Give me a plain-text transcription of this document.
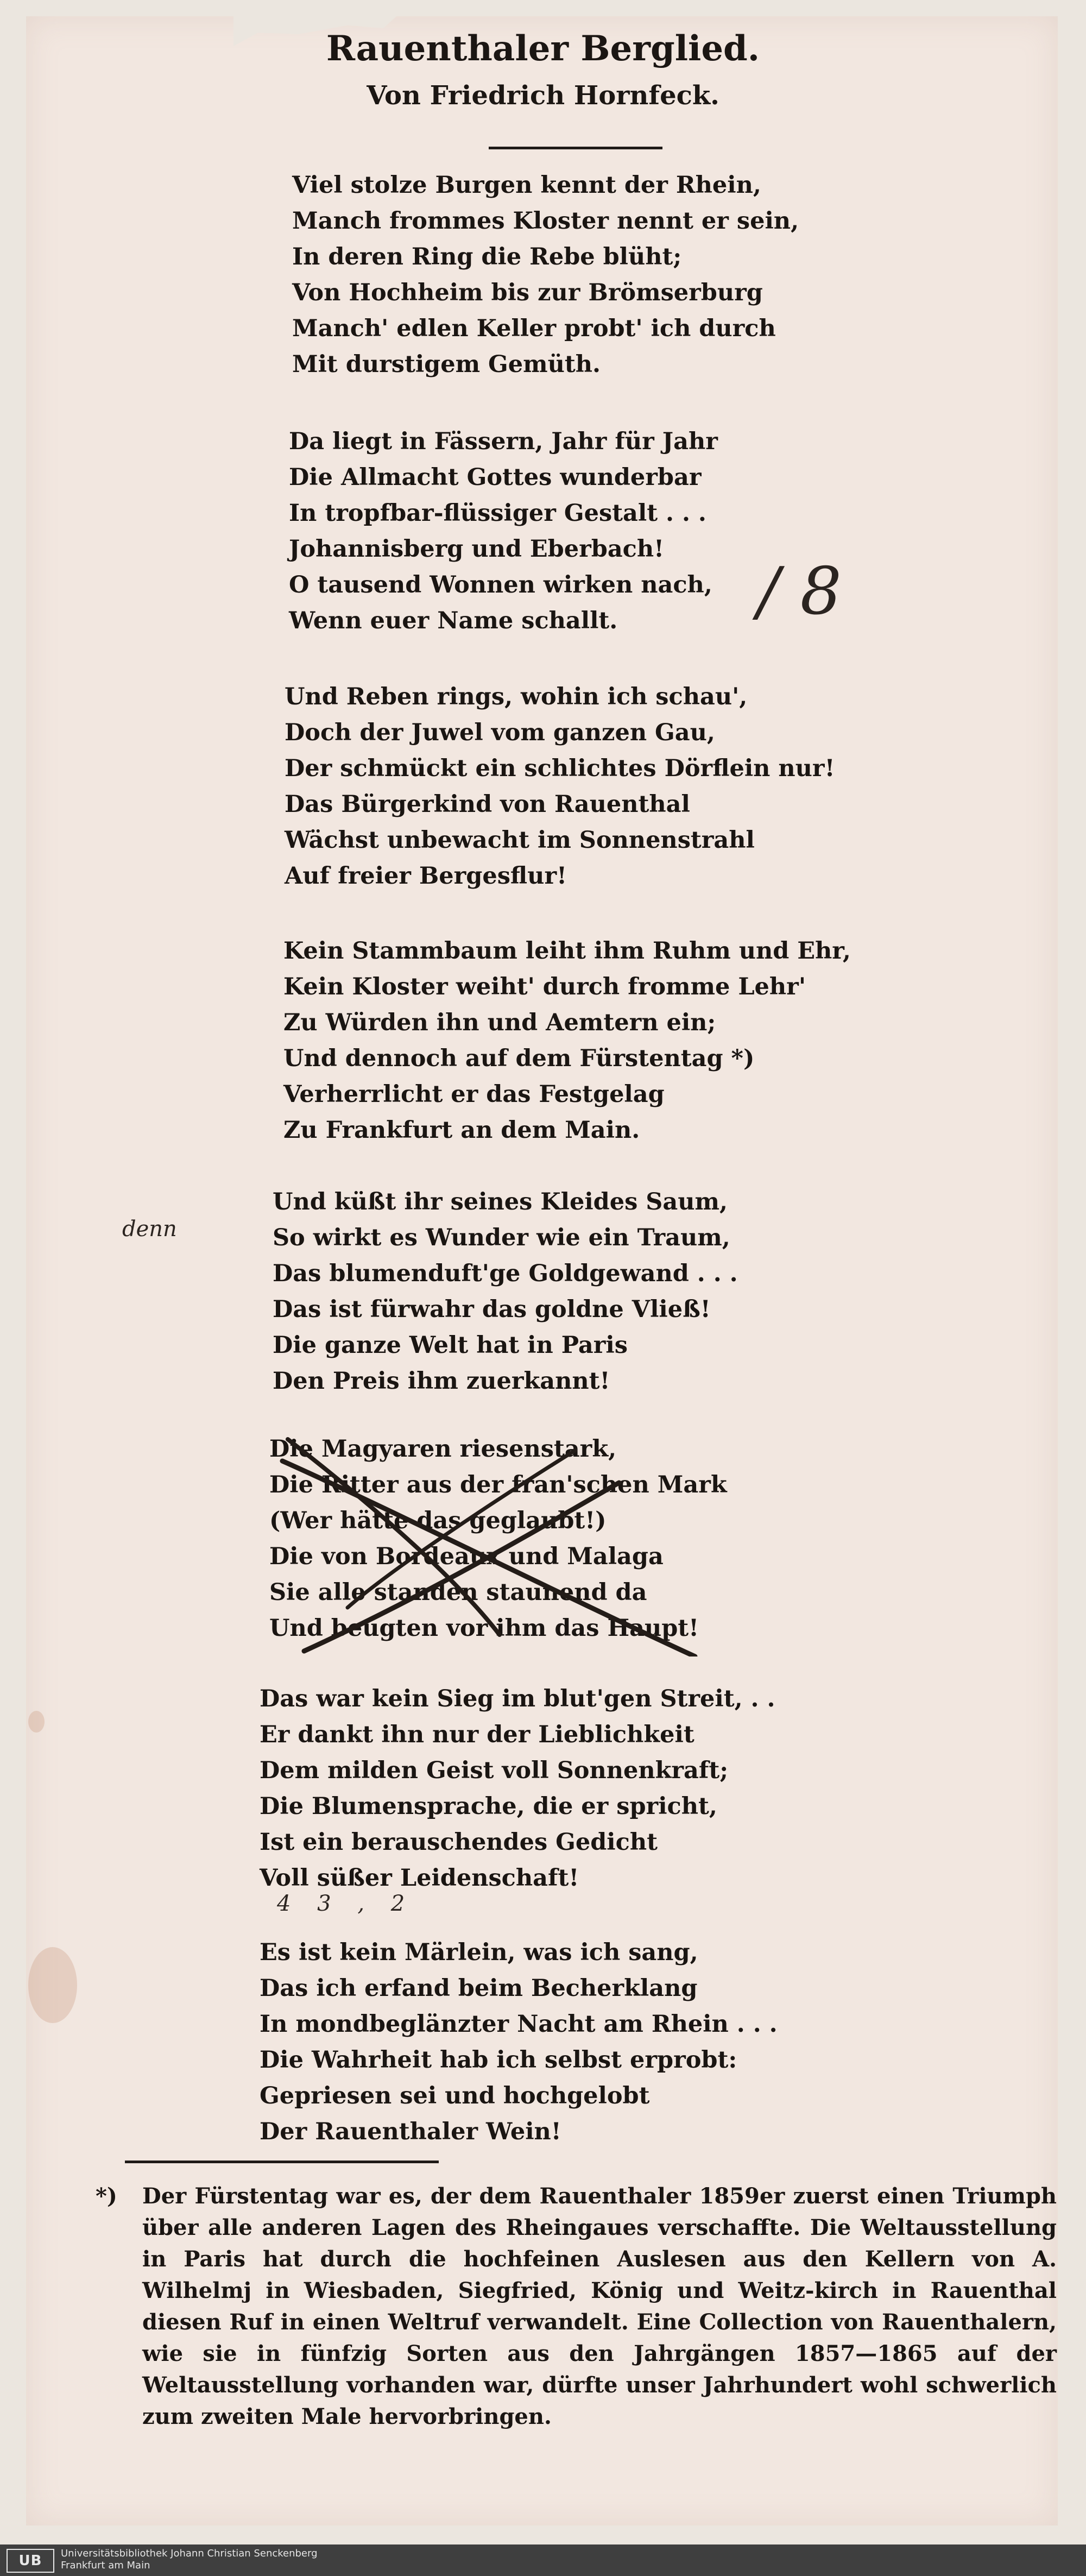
Rauenthaler Berglied.
Von Friedrich Hornfeck.
Viel stolze Burgen kennt der Rhein,
Manch frommes Kloster nennt er sein,
In deren Ring die Rebe blüht;
Von Hochheim bis zur Brömserburg
Manch' edlen Keller probt' ich durch
Mit durstigem Gemüth.
Da liegt in Fässern, Jahr für Jahr
Die Allmacht Gottes wunderbar
In tropfbar-flüssiger Gestalt . . .
Johannisberg und Eberbach!
O tausend Wonnen wirken nach,
Wenn euer Name schallt.
Und Reben rings, wohin ich schau',
Doch der Juwel vom ganzen Gau,
Der schmückt ein schlichtes Dörflein nur!
Das Bürgerkind von Rauenthal
Wächst unbewacht im Sonnenstrahl
Auf freier Bergesflur!
Kein Stammbaum leiht ihm Ruhm und Ehr,
Kein Kloster weiht' durch fromme Lehr'
Zu Würden ihn und Aemtern ein;
Und dennoch auf dem Fürstentag *)
Verherrlicht er das Festgelag
Zu Frankfurt an dem Main.
Und küßt ihr seines Kleides Saum,
So wirkt es Wunder wie ein Traum,
Das blumenduft'ge Goldgewand . . .
Das ist fürwahr das goldne Vließ!
Die ganze Welt hat in Paris
Den Preis ihm zuerkannt!
Die Magyaren riesenstark,
Die Ritter aus der fran'schen Mark
(Wer hätte das geglaubt!)
Die von Bordeaux und Malaga
Sie alle standen staunend da
Und beugten vor ihm das Haupt!
Das war kein Sieg im blut'gen Streit, . .
Er dankt ihn nur der Lieblichkeit
Dem milden Geist voll Sonnenkraft;
Die Blumensprache, die er spricht,
Ist ein berauschendes Gedicht
Voll süßer Leidenschaft!
Es ist kein Märlein, was ich sang,
Das ich erfand beim Becherklang
In mondbeglänzter Nacht am Rhein . . .
Die Wahrheit hab ich selbst erprobt:
Gepriesen sei und hochgelobt
Der Rauenthaler Wein!
/ 8
denn
4 3 , 2
*) Der Fürstentag war es, der dem Rauenthaler 1859er zuerst einen Triumph über alle anderen Lagen des Rheingaues verschaffte. Die Weltausstellung in Paris hat durch die hochfeinen Auslesen aus den Kellern von A. Wilhelmj in Wiesbaden, Siegfried, König und Weitz-kirch in Rauenthal diesen Ruf in einen Weltruf verwandelt. Eine Collection von Rauenthalern, wie sie in fünfzig Sorten aus den Jahrgängen 1857—1865 auf der Weltausstellung vorhanden war, dürfte unser Jahrhundert wohl schwerlich zum zweiten Male hervorbringen.
UB	Universitätsbibliothek Johann Christian Senckenberg
Frankfurt am Main
